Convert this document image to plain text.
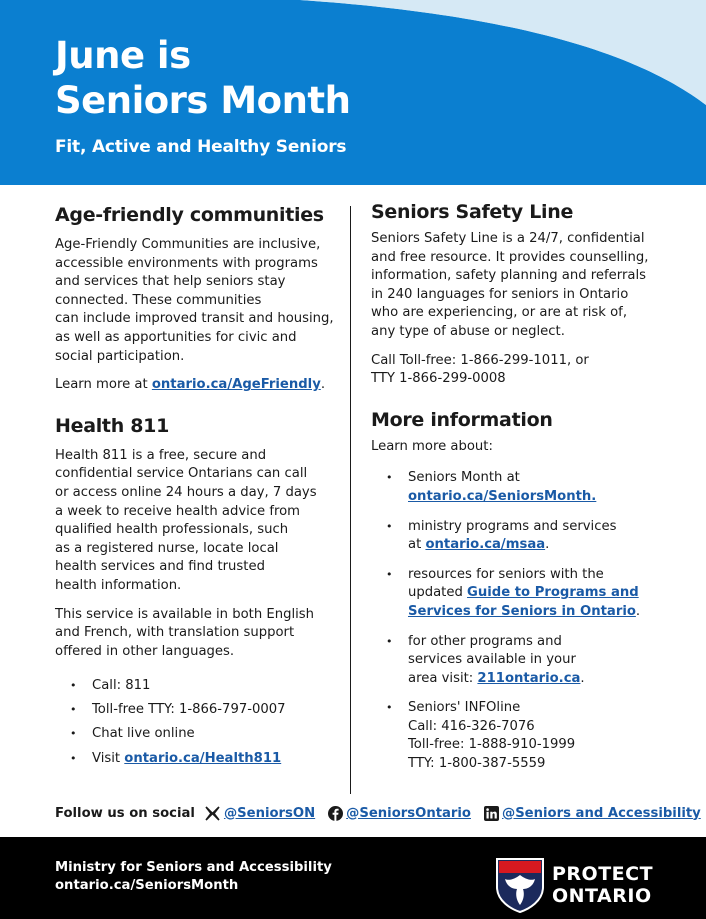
June is
Seniors Month
Fit, Active and Healthy Seniors
Age-friendly communities

Age-Friendly Communities are inclusive,
accessible environments with programs
and services that help seniors stay
connected. These communities
can include improved transit and housing,
as well as apportunities for civic and
social participation.

Learn more at ontario.ca/AgeFriendly.

Health 811

Health 811 is a free, secure and
confidential service Ontarians can call
or access online 24 hours a day, 7 days
a week to receive health advice from
qualified health professionals, such
as a registered nurse, locate local
health services and find trusted
health information.

This service is available in both English
and French, with translation support
offered in other languages.

• Call: 811
• Toll-free TTY: 1-866-797-0007
• Chat live online
• Visit ontario.ca/Health811
Seniors Safety Line

Seniors Safety Line is a 24/7, confidential
and free resource. It provides counselling,
information, safety planning and referrals
in 240 languages for seniors in Ontario
who are experiencing, or are at risk of,
any type of abuse or neglect.

Call Toll-free: 1-866-299-1011, or
TTY 1-866-299-0008

More information

Learn more about:

• Seniors Month at
ontario.ca/SeniorsMonth.
• ministry programs and services
at ontario.ca/msaa.
• resources for seniors with the
updated Guide to Programs and
Services for Seniors in Ontario.
• for other programs and
services available in your
area visit: 211ontario.ca.
• Seniors' INFOline
Call: 416-326-7076
Toll-free: 1-888-910-1999
TTY: 1-800-387-5559
Follow us on social @SeniorsON @SeniorsOntario @Seniors and Accessibility
Ministry for Seniors and Accessibility
ontario.ca/SeniorsMonth
PROTECT
ONTARIO
